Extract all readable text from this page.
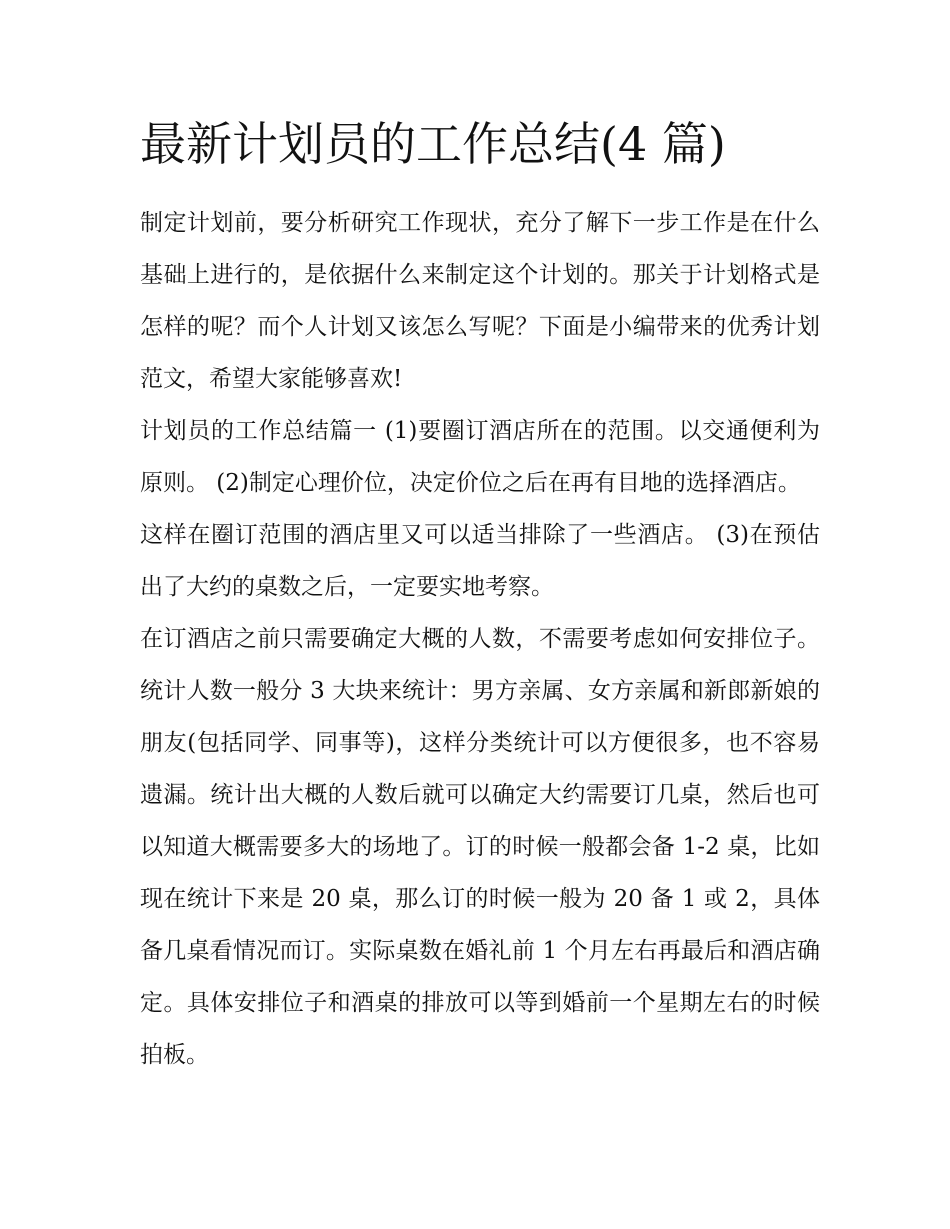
最新计划员的工作总结(4 篇)

制定计划前，要分析研究工作现状，充分了解下一步工作是在什么基础上进行的，是依据什么来制定这个计划的。那关于计划格式是怎样的呢？而个人计划又该怎么写呢？下面是小编带来的优秀计划范文，希望大家能够喜欢!

计划员的工作总结篇一 (1)要圈订酒店所在的范围。以交通便利为原则。 (2)制定心理价位，决定价位之后在再有目地的选择酒店。

这样在圈订范围的酒店里又可以适当排除了一些酒店。 (3)在预估出了大约的桌数之后，一定要实地考察。

在订酒店之前只需要确定大概的人数，不需要考虑如何安排位子。统计人数一般分 3 大块来统计：男方亲属、女方亲属和新郎新娘的朋友(包括同学、同事等)，这样分类统计可以方便很多，也不容易遗漏。统计出大概的人数后就可以确定大约需要订几桌，然后也可以知道大概需要多大的场地了。订的时候一般都会备 1-2 桌，比如现在统计下来是 20 桌，那么订的时候一般为 20 备 1 或 2，具体备几桌看情况而订。实际桌数在婚礼前 1 个月左右再最后和酒店确定。具体安排位子和酒桌的排放可以等到婚前一个星期左右的时候拍板。
